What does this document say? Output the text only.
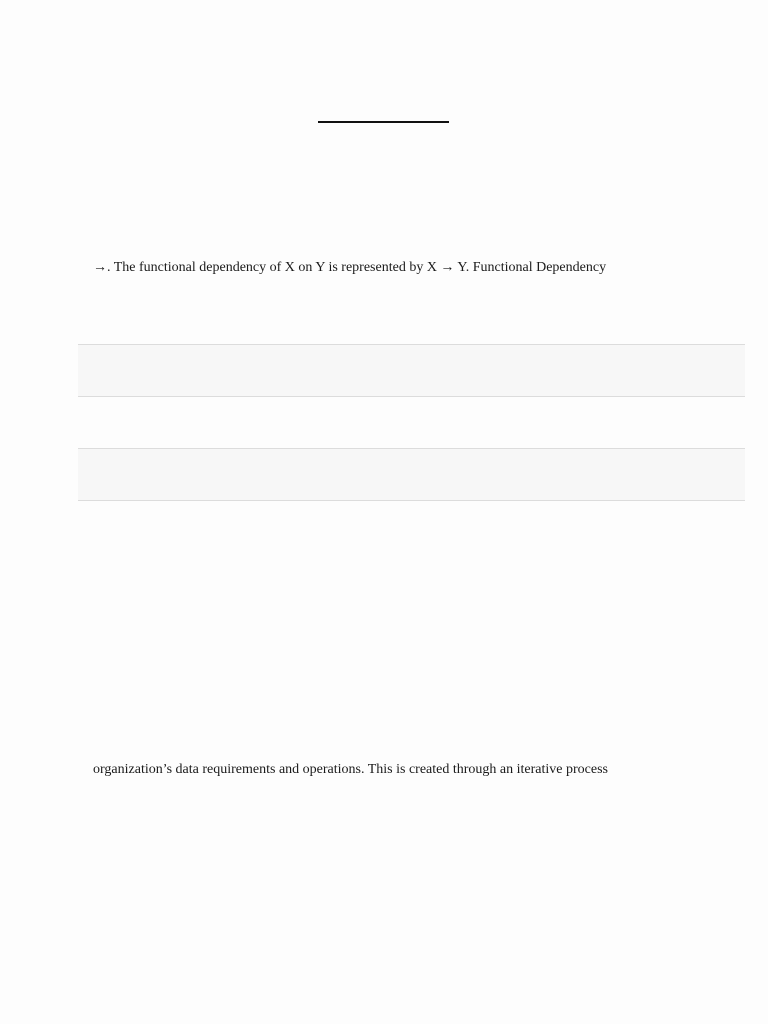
→. The functional dependency of X on Y is represented by X → Y. Functional Dependency
organization’s data requirements and operations. This is created through an iterative process
